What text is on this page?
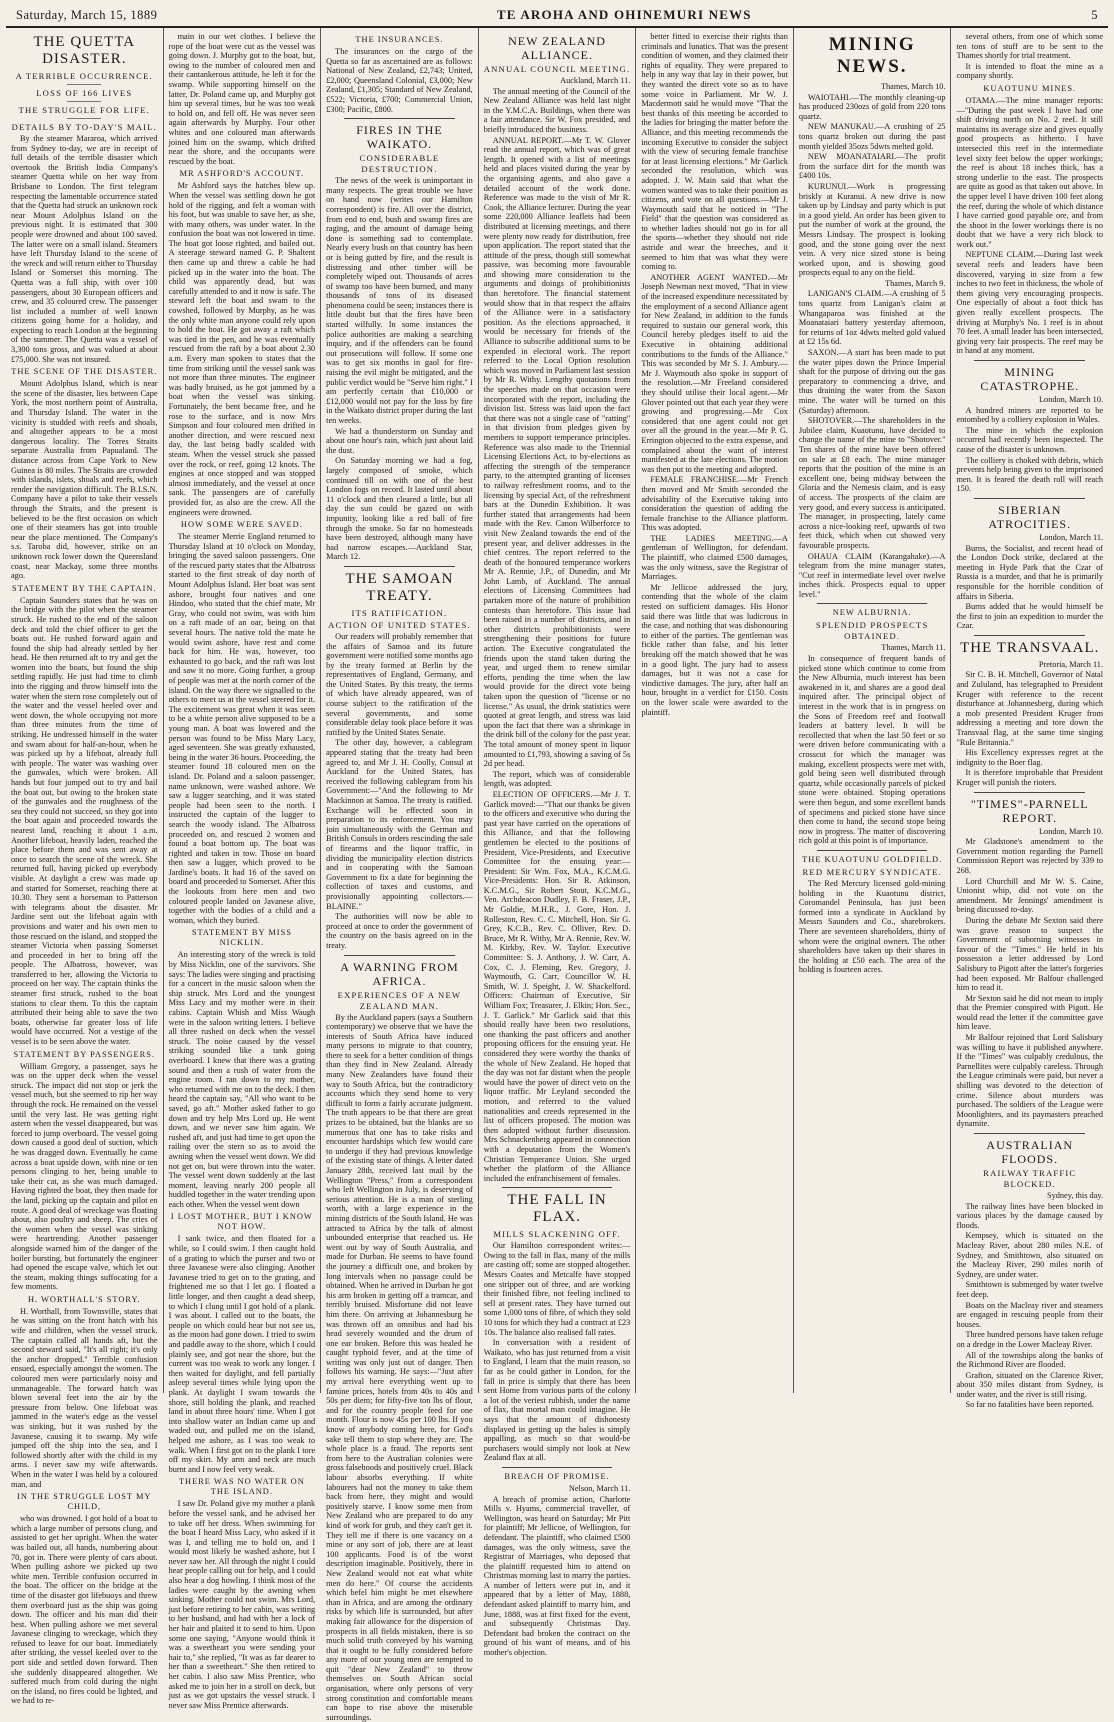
Saturday, March 15, 1889	TE AROHA AND OHINEMURI NEWS	5
THE QUETTA DISASTER.
A TERRIBLE OCCURRENCE.
LOSS OF 166 LIVES
THE STRUGGLE FOR LIFE.
DETAILS BY TO-DAY'S MAIL.

By the steamer Mararoa, which arrived from Sydney to-day, we are in receipt of full details of the terrible disaster which overtook the British India Company's steamer Quetta while on her way from Brisbane to London. The first telegram respecting the lamentable occurrence stated that the Quetta had struck an unknown rock near Mount Adolphus Island on the previous night. It is estimated that 300 people were drowned and about 100 saved. The latter were on a small island. Steamers have left Thursday Island to the scene of the wreck and will return either to Thursday Island or Somerset this morning. The Quetta was a full ship, with over 100 passengers, about 30 European officers and crew, and 35 coloured crew. The passenger list included a number of well known citizens going home for a holiday, and expecting to reach London at the beginning of the summer. The Quetta was a vessel of 3,300 tons gross, and was valued at about £75,000. She was not insured.

THE SCENE OF THE DISASTER.

Mount Adolphus Island, which is near the scene of the disaster, lies between Cape York, the most northern point of Australia, and Thursday Island. The water in the vicinity is studded with reefs and shoals, and altogether appears to be a most dangerous locality. The Torres Straits separate Australia from Papualand. The distance across from Cape York to New Guinea is 80 miles. The Straits are crowded with islands, islets, shoals and reefs, which render the navigation difficult. The B.I.S.N. Company have a pilot to take their vessels through the Straits, and the present is believed to be the first occasion on which one of their steamers has got into trouble near the place mentioned. The Company's s.s. Taroba did, however, strike on an unknown rock lower down the Queensland coast, near Mackay, some three months ago.

STATEMENT BY THE CAPTAIN.

Captain Saunders states that he was on the bridge with the pilot when the steamer struck. He rushed to the end of the saloon deck and told the chief officer to get the boats out. He rushed forward again and found the ship had already settled by her head. He then returned aft to try and get the women into the boats, but found the ship settling rapidly. He just had time to climb into the rigging and throw himself into the water when the stern rose completely out of the water and the vessel heeled over and went down, the whole occupying not more than three minutes from the time of striking. He undressed himself in the water and swam about for half-an-hour, when he was picked up by a lifeboat, already full with people. The water was washing over the gunwales, which were broken. All hands but four jumped out to try and bail the boat out, but owing to the broken state of the gunwales and the roughness of the sea they could not succeed, so they got into the boat again and proceeded towards the nearest land, reaching it about 1 a.m. Another lifeboat, heavily laden, reached the place before them and was sent away at once to search the scene of the wreck. She returned full, having picked up everybody visible. At daylight a crew was made up and started for Somerset, reaching there at 10.30. They sent a horseman to Patterson with telegrams about the disaster. Mr Jardine sent out the lifeboat again with provisions and water and his own men to those rescued on the island, and stopped the steamer Victoria when passing Somerset and proceeded in her to bring off the people. The Albatross, however, was transferred to her, allowing the Victoria to proceed on her way. The captain thinks the steamer first struck, rushed to the boat stations to clear them. To this the captain attributed their being able to save the two boats, otherwise far greater loss of life would have occurred. Not a vestige of the vessel is to be seen above the water.

STATEMENT BY PASSENGERS.

William Gregory, a passenger, says he was on the upper deck when the vessel struck. The impact did not stop or jerk the vessel much, but she seemed to rip her way through the rock. He remained on the vessel until the very last. He was getting right astern when the vessel disappeared, but was forced to jump overboard. The vessel going down caused a good deal of suction, which he was dragged down. Eventually he came across a boat upside down, with nine or ten persons clinging to her, being unable to take their cat, as she was much damaged. Having righted the boat, they then made for the land, picking up the captain and pilot en route. A good deal of wreckage was floating about, also poultry and sheep. The cries of the women when the vessel was sinking were heartrending. Another passenger alongside warned him of the danger of the boiler bursting, but fortunately the engineer had opened the escape valve, which let out the steam, making things suffocating for a few moments.

H. WORTHALL'S STORY.

H. Worthall, from Townsville, states that he was sitting on the front hatch with his wife and children, when the vessel struck. The captain called all hands aft, but the second steward said, "It's all right; it's only the anchor dropped." Terrible confusion ensued, especially amongst the women. The coloured men were particularly noisy and unmanageable. The forward hatch was blown several feet into the air by the pressure from below. One lifeboat was jammed in the water's edge as the vessel was sinking, but it was rushed by the Javanese, causing it to swamp. My wife jumped off the ship into the sea, and I followed shortly after with the child in my arms. I never saw my wife afterwards. When in the water I was held by a coloured man, and

IN THE STRUGGLE LOST MY CHILD,

who was drowned. I got hold of a boat to which a large number of persons clung, and assisted to get her upright. When the water was bailed out, all hands, numbering about 70, got in. There were plenty of cars about. When pulling ashore we picked up two white men. Terrible confusion occurred in the boat. The officer on the bridge at the time of the disaster got lifebuoys and threw them overboard just as the ship was going down. The officer and his man did their best. When pulling ashore we met several Javanese clinging to wreckage, which they refused to leave for our boat. Immediately after striking, the vessel keeled over to the port side and settled down forward. Then she suddenly disappeared altogether. We suffered much from cold during the night on the island, no fires could be lighted, and we had to re-

main in our wet clothes. I believe the rope of the boat were cut as the vessel was going down. J. Murphy got to the boat, but, owing to the number of coloured men and their cantankerous attitude, he left it for the swamp. While supporting himself on the latter, Dr. Poland came up, and Murphy got him up several times, but he was too weak to hold on, and fell off. He was never seen again afterwards by Murphy. Four other whites and one coloured man afterwards joined him on the swamp, which drifted near the shore, and the occupants were rescued by the boat.

MR ASHFORD'S ACCOUNT.

Mr Ashford says the hatches blew up. When the vessel was settling down he got hold of the rigging, and felt a woman with his foot, but was unable to save her, as she, with many others, was under water. In the confusion the boat was not lowered in time. The boat got loose righted, and bailed out. A steerage steward named G. P. Shaltent then came up and threw a cable he had picked up in the water into the boat. The child was apparently dead, but was carefully attended to and it now is safe. The steward left the boat and swam to the cowshed, followed by Murphy, as he was the only white man anyone could rely upon to hold the boat. He got away a raft which was tied in the pen, and he was eventually rescued from the raft by a boat about 2.30 a.m. Every man spoken to states that the time from striking until the vessel sank was not more than three minutes. The engineer was badly bruised, as he got jammed by a boat when the vessel was sinking. Fortunately, the bent became free, and he rose to the surface, and is now Mrs Simpson and four coloured men drifted in another direction, and were rescued next day, the last being badly scalded with steam. When the vessel struck she passed over the rock, or reef, going 12 knots. The engines at once stopped and was stopped almost immediately, and the vessel at once sank. The passengers are of carefully provided for, as also are the crew. All the engineers were drowned.

HOW SOME WERE SAVED.

The steamer Merrie England returned to Thursday Island at 10 o'clock on Monday, bringing the saved saloon passengers. One of the rescued party states that the Albatross started to the first streak of day north of Mount Adolphus Island. Her boat was sent ashore, brought four natives and one Hindoo, who stated that the chief mate, Mr Gray, who could not swim, was with him on a raft made of an oar, being on that several hours. The native told the mate he would swim ashore, have rest and come back for him. He was, however, too exhausted to go back, and the raft was lost and saw it no more. Going further, a group of people was met at the north corner of the island. On the way there we signalled to the others to meet us at the vessel steered for it. The excitement was great when it was seen to be a white person alive supposed to be a young man. A boat was lowered and the person was found to be Miss Mary Lacy, aged seventeen. She was greatly exhausted, being in the water 36 hours. Proceeding, the steamer found 18 coloured men on the island. Dr. Poland and a saloon passenger, name unknown, were washed ashore. We saw a lugger searching, and it was stated people had been seen to the north. I instructed the captain of the lugger to search the woody island. The Albatross proceeded on, and rescued 2 women and found a boat bottom up. The boat was righted and taken in tow. Those on board then saw a lugger, which proved to be Jardine's boats. It had 16 of the saved on board and proceeded to Somerset. After this the lookouts from here men and two coloured people landed on Javanese alive, together with the bodies of a child and a woman, which they buried.

STATEMENT BY MISS NICKLIN.

An interesting story of the wreck is told by Miss Nicklin, one of the survivors. She says: The ladies were singing and practising for a concert in the music saloon when the ship struck. Mrs Lord and the youngest Miss Lacy and my mother were in their cabins. Captain Whish and Miss Waugh were in the saloon writing letters. I believe all three rushed on deck when the vessel struck. The noise caused by the vessel striking sounded like a tank going overboard. I knew that there was a grating sound and then a rush of water from the engine room. I ran down to my mother, who returned with me on to the deck. I then heard the captain say, "All who want to be saved, go aft." Mother asked father to go down and try help Mrs Lord up. He went down, and we never saw him again. We rushed aft, and just had time to get upon the railing over the stern so as to avoid the awning when the vessel went down. We did not get on, but were thrown into the water. The vessel went down suddenly at the last moment, leaving nearly 200 people all huddled together in the water trending upon each other. When the vessel went down

I LOST MOTHER, BUT I KNOW NOT HOW.

I sank twice, and then floated for a while, so I could swim. I then caught hold of a grating to which the purser and two or three Javanese were also clinging. Another Javanese tried to get on to the grating, and frightened me so that I let go. I floated a little longer, and then caught a dead sheep, to which I clung until I got hold of a plank. I was about. I called out to the boats, the people on which could hear but not see us, as the moon had gone down. I tried to swim and paddle away to the shore, which I could plainly see, and got near the shore, but the current was too weak to work any longer. I then waited for daylight, and fell partially asleep several times while lying upon the plank. At daylight I swam towards the shore, still holding the plank, and reached land in about three hours' time. When I got into shallow water an Indian came up and waded out, and pulled me on the island, helped me ashore, as I was too weak to walk. When I first got on to the plank I tore off my skirt. My arm and neck are much burnt and I now feel very weak.

THERE WAS NO WATER ON THE ISLAND.

I saw Dr. Poland give my mother a plank before the vessel sank, and he advised her to take off her dress. When swimming for the boat I heard Miss Lacy, who asked if it was I, and telling me to hold on, and I would most likely be washed ashore, but I never saw her. All through the night I could hear people calling out for help, and I could also hear a dog howling. I think most of the ladies were caught by the awning when sinking. Mother could not swim. Mrs Lord, just before retiring to her cabin, was writing to her husband, and had with her a lock of her hair and plaited it to send to him. Upon some one saying, "Anyone would think it was a sweetheart you were sending your hair to," she replied, "It was as far dearer to her than a sweetheart." She then retired to her cabin. I also saw Miss Prentice, who asked me to join her in a stroll on deck, but just as we got upstairs the vessel struck. I never saw Miss Prentice afterwards.

THE INSURANCES.

The insurances on the cargo of the Quetta so far as ascertained are as follows: National of New Zealand, £2,743; United, £2,000; Queensland Colonial, £3,000; New Zealand, £1,305; Standard of New Zealand, £522; Victoria, £700; Commercial Union, £300; Pacific, £800.

FIRES IN THE WAIKATO.
CONSIDERABLE DESTRUCTION.

The news of the week is unimportant in many respects. The great trouble we have on hand now (writes our Hamilton correspondent) is fire. All over the district, from end to end, bush and swamp fires are raging, and the amount of damage being done is something sad to contemplate. Nearly every bush on that country has been or is being gutted by fire, and the result is distressing and other timber will be completely wiped out. Thousands of acres of swamp too have been burned, and many thousands of tons of its diseased phenomena could be seen; instances there is little doubt but that the fires have been started wilfully. In some instances the police authorities are making a searching inquiry, and if the offenders can be found out prosecutions will follow. If some one was to get six months in gaol for fire-raising the evil might be mitigated, and the public verdict would be "Serve him right." I am perfectly certain that £10,000 or £12,000 would not pay for the loss by fire in the Waikato district proper during the last ten weeks.

We had a thunderstorm on Sunday and about one hour's rain, which just about laid the dust.

On Saturday morning we had a fog, largely composed of smoke, which continued till on with one of the best London fogs on record. It lasted until about 11 o'clock and then cleared a little, but all day the sun could be gazed on with impunity, looking like a red ball of fire through the smoke. So far no homesteads have been destroyed, although many have had narrow escapes.—Auckland Star, March 12.

THE SAMOAN TREATY.
ITS RATIFICATION.
ACTION OF UNITED STATES.

Our readers will probably remember that the affairs of Samoa and its future government were notified some months ago by the treaty formed at Berlin by the representatives of England, Germany, and the United States. By this treaty, the terms of which have already appeared, was of course subject to the ratification of the several governments, and some considerable delay took place before it was ratified by the United States Senate.

The other day, however, a cablegram appeared stating that the treaty had been agreed to, and Mr J. H. Coolly, Consul at Auckland for the United States, has received the following cablegram from his Government:—"And the following to Mr Mackinnon at Samoa. The treaty is ratified. Exchange will be effected soon in preparation to its enforcement. You may join simultaneously with the German and British Consuls in orders rescinding the sale of firearms and the liquor traffic, in dividing the municipality election districts and in cooperating with the Samoan Government to fix a date for beginning the collection of taxes and customs, and provisionally appointing collectors.—BLAINE."

The authorities will now be able to proceed at once to order the government of the country on the basis agreed on in the treaty.

A WARNING FROM AFRICA.
EXPERIENCES OF A NEW ZEALAND MAN.

By the Auckland papers (says a Southern contemporary) we observe that we have the interests of South Africa have induced many persons to migrate to that country, there to seek for a better condition of things than they find in New Zealand. Already many New Zealanders have found their way to South Africa, but the contradictory accounts which they send home to very difficult to form a fairly accurate judgment. The truth appears to be that there are great prizes to be obtained, but the blanks are so numerous that one has to take risks and encounter hardships which few would care to undergo if they had previous knowledge of the existing state of things. A letter dated January 28th, received last mail by the Wellington "Press," from a correspondent who left Wellington in July, is deserving of serious attention. He is a man of sterling worth, with a large experience in the mining districts of the South Island. He was attracted to Africa by the talk of almost unbounded enterprise that reached us. He went out by way of South Australia, and made for Durban. He seems to have found the journey a difficult one, and broken by long intervals when no passage could be obtained. When he arrived in Durban he got his arm broken in getting off a tramcar, and terribly bruised. Misfortune did not leave him there. On arriving at Johannesburg he was thrown off an omnibus and had his head severely wounded and the drum of one ear broken. Before this was healed he caught typhoid fever, and at the time of writing was only just out of danger. Then follows his warning. He says:—"Just after my arrival here everything went up to famine prices, hotels from 40s to 40s and 50s per diem; for fifty-five ton lbs of flour, and for the country people feed for one month. Flour is now 45s per 100 lbs. If you know of anybody coming here, for God's sake tell them to stop where they are. The whole place is a fraud. The reports sent from here to the Australian colonies were gross falsehoods and positively cruel. Black labour absorbs everything. If white labourers had not the money to take them back from here, they might and would positively starve. I know some men from New Zealand who are prepared to do any kind of work for grub, and they can't get it. They tell me if there is one vacancy on a mine or any sort of job, there are at least 100 applicants. Food is of the worst description imaginable. Positively, there in New Zealand would not eat what white men do here." Of course the accidents which befel him might be met elsewhere than in Africa, and are among the ordinary risks by which life is surrounded, but after making fair allowance for the dispersion of prospects in all fields mistaken, there is so much solid truth conveyed by his warning that it ought to be fully considered before any more of our young men are tempted to quit "dear New Zealand" to throw themselves on South African social organisation, where only persons of very strong constitution and comfortable means can hope to rise above the miserable surroundings.

NEW ZEALAND ALLIANCE.
ANNUAL COUNCIL MEETING.
Auckland, March 11.

The annual meeting of the Council of the New Zealand Alliance was held last night in the Y.M.C.A. Buildings, when there was a fair attendance. Sir W. Fox presided, and briefly introduced the business.

ANNUAL REPORT.—Mr T. W. Glover read the annual report, which was of great length. It opened with a list of meetings held and places visited during the year by the organising agents, and also gave a detailed account of the work done. Reference was made to the visit of Mr R. Cook, the Alliance lecturer. During the year some 220,000 Alliance leaflets had been distributed at licensing meetings, and there were plenty now ready for distribution, free upon application. The report stated that the attitude of the press, though still somewhat passive, was becoming more favourable and showing more consideration to the arguments and doings of prohibitionists than heretofore. The financial statement would show that in that respect the affairs of the Alliance were in a satisfactory position. As the elections approached, it would be necessary for friends of the Alliance to subscribe additional sums to be expended in electoral work. The report referred to the Local Option resolution which was moved in Parliament last session by Mr R. Withy. Lengthy quotations from the speeches made on that occasion were incorporated with the report, including the division list. Stress was laid upon the fact that there was not a single case of "ratting" in that division from pledges given by members to support temperance principles. Reference was also made to the Triennial Licensing Elections Act, to by-elections as affecting the strength of the temperance party, to the attempted granting of licenses to railway refreshment rooms, and to the licensing by special Act, of the refreshment bars at the Dunedin Exhibition. It was further stated that arrangements had been made with the Rev. Canon Wilberforce to visit New Zealand towards the end of the present year, and deliver addresses in the chief centres. The report referred to the death of the honoured temperance workers Mr A. Rennie, J.P., of Dunedin, and Mr John Lamb, of Auckland. The annual elections of Licensing Committees had partaken more of the nature of prohibition contests than heretofore. This issue had been raised in a number of districts, and in other districts prohibitionists were strengthening their positions for future action. The Executive congratulated the friends upon the stand taken during the year, and urged them to renew similar efforts, pending the time when the law would provide for the direct vote being taken upon the question of "license or no license." As usual, the drink statistics were quoted at great length, and stress was laid upon the fact that there was a shrinkage in the drink bill of the colony for the past year. The total amount of money spent in liquor amounted to £1,793, showing a saving of 5s 2d per head.

The report, which was of considerable length, was adopted.

ELECTION OF OFFICERS.—Mr J. T. Garlick moved:—"That our thanks be given to the officers and executive who during the past year have carried on the operations of this Alliance, and that the following gentlemen be elected to the positions of President, Vice-Presidents, and Executive Committee for the ensuing year:—President: Sir Wm. Fox, M.A., K.C.M.G. Vice-Presidents: Hon. Sir R. Atkinson, K.C.M.G., Sir Robert Stout, K.C.M.G., Ven. Archdeacon Dudley, F. B. Fraser, J.P., Mr Goldie, M.H.R., J. Gore, Hon. J. Rolleston, Rev. C. C. Mitchell, Hon. Sir G. Grey, K.C.B., Rev. C. Olliver, Rev. D. Bruce, Mr R. Withy, Mr A. Rennie, Rev. W. M. Kirkby, Rev. W. Taylor. Executive Committee: S. J. Anthony, J. W. Carr, A. Cox, C. J. Fleming, Rev. Gregory, J. Waymouth, G. Carr, Councillor W. H. Smith, W. J. Speight, J. W. Shackelford. Officers: Chairman of Executive, Sir William Fox; Treasurer, J. Elkin; Hon. Sec., J. T. Garlick." Mr Garlick said that this should really have been two resolutions, one thanking the past officers and another proposing officers for the ensuing year. He considered they were worthy the thanks of the whole of New Zealand. He hoped that the day was not far distant when the people would have the power of direct veto on the liquor traffic. Mr Leyland seconded the motion, and referred to the valued nationalities and creeds represented in the list of officers proposed. The motion was then adopted without further discussion. Mrs Schnackenberg appeared in connection with a deputation from the Women's Christian Temperance Union. She urged whether the platform of the Alliance included the enfranchisement of females.

THE FALL IN FLAX.
MILLS SLACKENING OFF.

Our Hamilton correspondent writes:—Owing to the fall in flax, many of the mills are casting off; some are stopped altogether. Messrs Coates and Metcalfe have stopped one stripper out of three, and are working their finished fibre, not feeling inclined to sell at present rates. They have turned out some 1,000 tons of fibre, of which they sold 10 tons for which they had a contract at £23 10s. The balance also realised fall rates.

In conversation with a resident of Waikato, who has just returned from a visit to England, I learn that the main reason, so far as he could gather in London, for the fall in price is simply that there has been sent Home from various parts of the colony a lot of the veriest rubbish, under the name of flax, that mortal man could imagine. He says that the amount of dishonesty displayed in getting up the bales is simply appalling, as much so that would-be purchasers would simply not look at New Zealand flax at all.

BREACH OF PROMISE.
Nelson, March 11.

A breach of promise action, Charlotte Mills v. Hyams, commercial traveller, of Wellington, was heard on Saturday; Mr Pitt for plaintiff; Mr Jellicoe, of Wellington, for defendant. The plaintiff, who claimed £500 damages, was the only witness, save the Registrar of Marriages, who deposed that the plaintiff requested him to attend on Christmas morning last to marry the parties. A number of letters were put in, and it appeared that by a letter of May, 1888, defendant asked plaintiff to marry him, and June, 1888, was at first fixed for the event, and subsequently Christmas Day. Defendant had broken the contract on the ground of his want of means, and of his mother's objection.

better fitted to exercise their rights than criminals and lunatics. That was the present condition of women, and they claimed their rights of equality. They were prepared to help in any way that lay in their power, but they wanted the direct vote so as to have some voice in Parliament. Mr W. J. Macdermott said he would move "That the best thanks of this meeting be accorded to the ladies for bringing the matter before the Alliance, and this meeting recommends the incoming Executive to consider the subject with the view of securing female franchise for at least licensing elections." Mr Garlick seconded the resolution, which was adopted. J. W. Main said that what the women wanted was to take their position as citizens, and vote on all questions.—Mr J. Waymouth said that he noticed in "The Field" that the question was considered as to whether ladies should not go in for all the sports—whether they should not ride astride and wear the breeches, and it seemed to him that was what they were coming to.

ANOTHER AGENT WANTED.—Mr Joseph Newman next moved, "That in view of the increased expenditure necessitated by the employment of a second Alliance agent for New Zealand, in addition to the funds required to sustain our general work, this Council hereby pledges itself to aid the Executive in obtaining additional contributions to the funds of the Alliance." This was seconded by Mr S. J. Ambury.—Mr J. Waymouth also spoke in support of the resolution.—Mr Freeland considered they should utilise their local agent.—Mr Glover pointed out that each year they were growing and progressing.—Mr Cox considered that one agent could not get over all the ground in the year.—Mr P. G. Errington objected to the extra expense, and complained about the want of interest manifested at the late elections. The motion was then put to the meeting and adopted.

FEMALE FRANCHISE.—Mr French then moved and Mr Smith seconded the advisability of the Executive taking into consideration the question of adding the female franchise to the Alliance platform. This was adopted.

THE LADIES MEETING.—A gentleman of Wellington, for defendant. The plaintiff, who claimed £500 damages, was the only witness, save the Registrar of Marriages.

Mr Jellicoe addressed the jury, contending that the whole of the claim rested on sufficient damages. His Honor said there was little that was ludicrous in the case, and nothing that was dishonouring to either of the parties. The gentleman was fickle rather than false, and his letter breaking off the match showed that he was in a good light. The jury had to assess damages, but it was not a case for vindictive damages. The jury, after half an hour, brought in a verdict for £150. Costs on the lower scale were awarded to the plaintiff.

MINING NEWS.
Thames, March 10.

WAIOTAHI.—The monthly cleaning-up has produced 230ozs of gold from 220 tons quartz.

NEW MANUKAU.—A crushing of 25 tons quartz broken out during the past month yielded 35ozs 5dwts melted gold.

NEW MOANATAIARI.—The profit from the surface dirt for the month was £400 10s.

KURUNUI.—Work is progressing briskly at Kuranui. A new drive is now taken up by Lindsay and party which is put in a good yield. An order has been given to put the number of work at the ground, the Messrs Lindsay. The prospect is looking good, and the stone going over the next vein. A very nice sized stone is being worked upon, and is showing good prospects equal to any on the field.

Thames, March 9.

LANIGAN'S CLAIM.—A crushing of 5 tons quartz from Lanigan's claim at Whangaparoa was finished at the Moanataiari battery yesterday afternoon, for returns of 1oz 4dwts melted gold valued at £2 15s 6d.

SAXON.—A start has been made to put the water pipes down the Prince Imperial shaft for the purpose of driving out the gas preparatory to commencing a drive, and thus draining the water from the Saxon mine. The water will be turned on this (Saturday) afternoon.

SHOTOVER.—The shareholders in the Jubilee claim, Kuaotunu, have decided to change the name of the mine to "Shotover." Ten shares of the mine have been offered on sale at £8 each. The mine manager reports that the position of the mine is an excellent one, being midway between the Gloria and the Nemesis claim, and is easy of access. The prospects of the claim are very good, and every success is anticipated. The manager, in prospecting, lately came across a nice-looking reef, upwards of two feet thick, which when cut showed very favourable prospects.

OHAUA CLAIM (Karangahake).—A telegram from the mine manager states, "Cut reef in intermediate level over twelve inches thick. Prospects equal to upper level."

NEW ALBURNIA.
SPLENDID PROSPECTS OBTAINED.
Thames, March 11.

In consequence of frequent bands of picked stone which continue to come from the New Alburnia, much interest has been awakened in it, and shares are a good deal inquired after. The principal object of interest in the work that is in progress on the Sons of Freedom reef and footwall leaders at battery level. It will be recollected that when the last 50 feet or so were driven before communicating with a crosscut for which the manager was making, excellent prospects were met with, gold being seen well distributed through quartz, while occasionally parcels of picked stone were obtained. Stoping operations were then begun, and some excellent bands of specimens and picked stone have since then come to hand, the second stope being now in progress. The matter of discovering rich gold at this point is of importance.

THE KUAOTUNU GOLDFIELD.
RED MERCURY SYNDICATE.

The Red Mercury licensed gold-mining holding in the Kuaotunu district, Coromandel Peninsula, has just been formed into a syndicate in Auckland by Messrs Saunders and Co., sharebrokers. There are seventeen shareholders, thirty of whom were the original owners. The other shareholders have taken up their shares in the holding at £50 each. The area of the holding is fourteen acres.

several others, from one of which some ten tons of stuff are to be sent to the Thames shortly for trial treatment.

It is intended to float the mine as a company shortly.

KUAOTUNU MINES.

OTAMA.—The mine manager reports:—"During the past week I have had one shift driving north on No. 2 reef. It still maintains its average size and gives equally good prospects as hitherto. I have intersected this reef in the intermediate level sixty feet below the upper workings; the reef is about 18 inches thick, has a strong underlie to the east. The prospects are quite as good as that taken out above. In the upper level I have driven 100 feet along the reef, during the whole of which distance I have carried good payable ore, and from the shoot in the lower workings there is no doubt that we have a very rich block to work out."

NEPTUNE CLAIM.—During last week several reefs and leaders have been discovered, varying in size from a few inches to two feet in thickness, the whole of them giving very encouraging prospects. One especially of about a foot thick has given really excellent prospects. The driving at Murphy's No. 1 reef is in about 70 feet. A small leader has been intersected, giving very fair prospects. The reef may be in hand at any moment.

MINING CATASTROPHE.
London, March 10.

A hundred miners are reported to be entombed by a colliery explosion in Wales.

The mine in which the explosion occurred had recently been inspected. The cause of the disaster is unknown.

The colliery is choked with debris, which prevents help being given to the imprisoned men. It is feared the death roll will reach 150.

SIBERIAN ATROCITIES.
London, March 11.

Burns, the Socialist, and recent head of the London Dock strike, declared at the meeting in Hyde Park that the Czar of Russia is a murder, and that he is primarily responsible for the horrible condition of affairs in Siberia.

Burns added that he would himself be the first to join an expedition to murder the Czar.

THE TRANSVAAL.
Pretoria, March 11.

Sir C. B. H. Mitchell, Governor of Natal and Zululand, has telegraphed to President Kruger with reference to the recent disturbance at Johannesberg, during which a mob presented President Kruger from addressing a meeting and tore down the Transvaal flag, at the same time singing "Rule Britannia."

His Excellency expresses regret at the indignity to the Boer flag.

It is therefore improbable that President Kruger will punish the rioters.

"TIMES"-PARNELL REPORT.
London, March 10.

Mr Gladstone's amendment to the Government motion regarding the Parnell Commission Report was rejected by 339 to 268.

Lord Churchill and Mr W. S. Caine, Unionist whip, did not vote on the amendment. Mr Jennings' amendment is being discussed to-day.

During the debate Mr Sexton said there was grave reason to suspect the Government of suborning witnesses in favour of the "Times." He held in his possession a letter addressed by Lord Salisbury to Pigott after the latter's forgeries had been exposed. Mr Balfour challenged him to read it.

Mr Sexton said he did not mean to imply that the Premier conspired with Pigott. He would read the letter if the committee gave him leave.

Mr Balfour rejoined that Lord Salisbury was willing to have it published anywhere. If the "Times" was culpably credulous, the Parnellites were culpably careless. Through the League criminals were paid, but never a shilling was devoted to the detection of crime. Silence about murders was purchased. The soldiers of the League were Moonlighters, and its paymasters preached dynamite.

AUSTRALIAN FLOODS.
RAILWAY TRAFFIC BLOCKED.
Sydney, this day.

The railway lines have been blocked in various places by the damage caused by floods.

Kempsey, which is situated on the Macleay River, about 280 miles N.E. of Sydney, and Smithtown, also situated on the Macleay River, 290 miles north of Sydney, are under water.

Smithtown is submerged by water twelve feet deep.

Boats on the Macleay river and steamers are engaged in rescuing people from their houses.

Three hundred persons have taken refuge on a dredge in the Lower Macleay River.

All of the townships along the banks of the Richmond River are flooded.

Grafton, situated on the Clarence River, about 350 miles distant from Sydney, is under water, and the river is still rising.

So far no fatalities have been reported.
